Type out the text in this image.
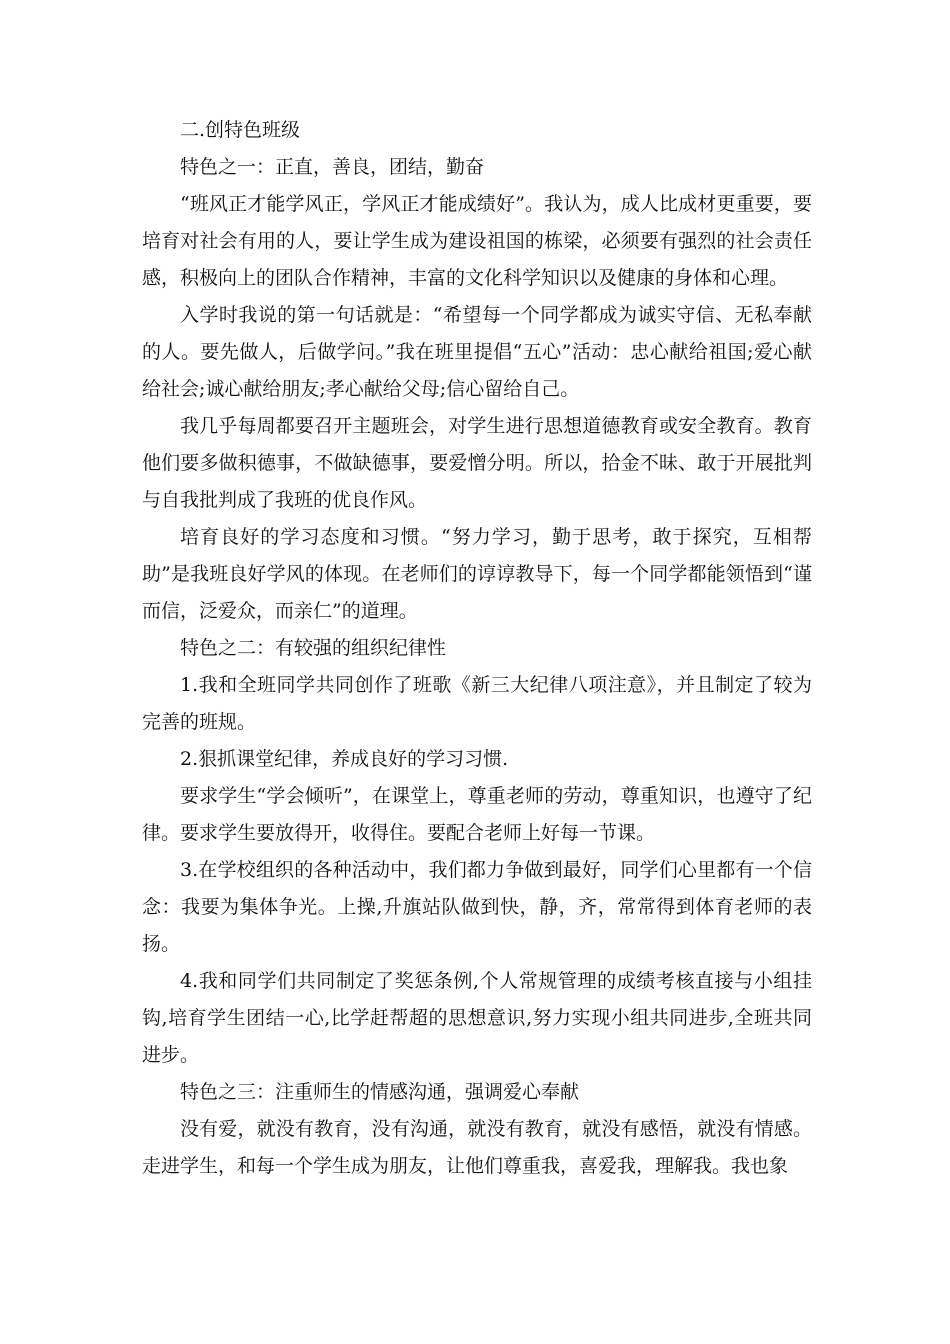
二.创特色班级

特色之一：正直，善良，团结，勤奋

“班风正才能学风正，学风正才能成绩好”。我认为，成人比成材更重要，要培育对社会有用的人，要让学生成为建设祖国的栋梁，必须要有强烈的社会责任感，积极向上的团队合作精神，丰富的文化科学知识以及健康的身体和心理。

入学时我说的第一句话就是：“希望每一个同学都成为诚实守信、无私奉献的人。要先做人，后做学问。”我在班里提倡“五心”活动：忠心献给祖国;爱心献给社会;诚心献给朋友;孝心献给父母;信心留给自己。

我几乎每周都要召开主题班会，对学生进行思想道德教育或安全教育。教育他们要多做积德事，不做缺德事，要爱憎分明。所以，拾金不昧、敢于开展批判与自我批判成了我班的优良作风。

培育良好的学习态度和习惯。“努力学习，勤于思考，敢于探究，互相帮助”是我班良好学风的体现。在老师们的谆谆教导下，每一个同学都能领悟到“谨而信，泛爱众，而亲仁”的道理。

特色之二：有较强的组织纪律性

1.我和全班同学共同创作了班歌《新三大纪律八项注意》，并且制定了较为完善的班规。

2.狠抓课堂纪律，养成良好的学习习惯.

要求学生“学会倾听”，在课堂上，尊重老师的劳动，尊重知识，也遵守了纪律。要求学生要放得开，收得住。要配合老师上好每一节课。

3.在学校组织的各种活动中，我们都力争做到最好，同学们心里都有一个信念：我要为集体争光。上操,升旗站队做到快，静，齐，常常得到体育老师的表扬。

4.我和同学们共同制定了奖惩条例,个人常规管理的成绩考核直接与小组挂钩,培育学生团结一心,比学赶帮超的思想意识,努力实现小组共同进步,全班共同进步。

特色之三：注重师生的情感沟通，强调爱心奉献

没有爱，就没有教育，没有沟通，就没有教育，就没有感悟，就没有情感。走进学生，和每一个学生成为朋友，让他们尊重我，喜爱我，理解我。我也象
